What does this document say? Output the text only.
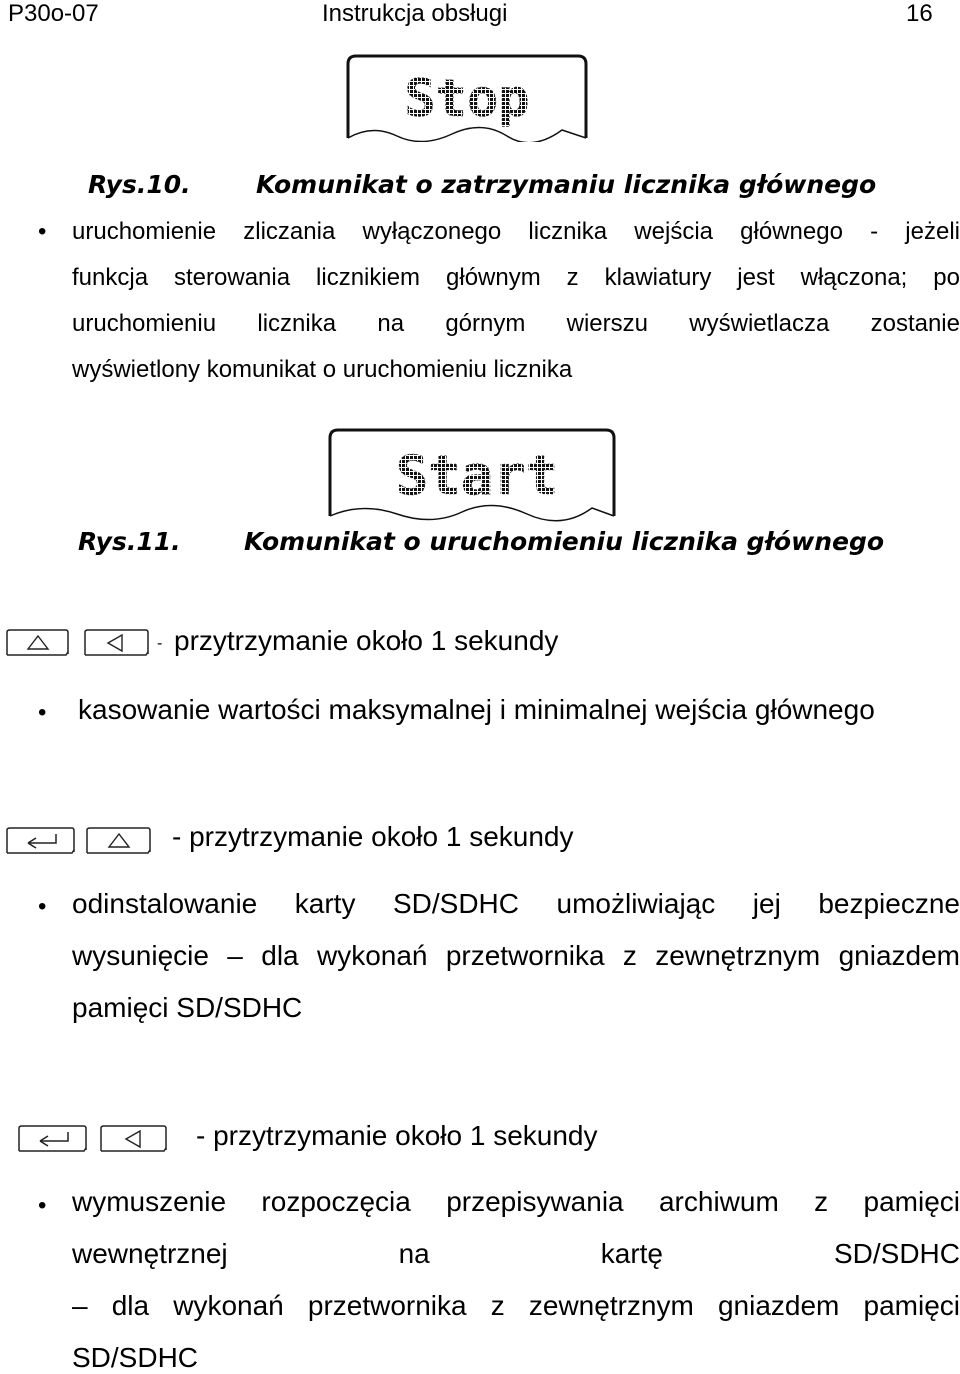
P30o-07	Instrukcja obsługi	16
Stop
Rys.10.	Komunikat o zatrzymaniu licznika głównego
• uruchomienie zliczania wyłączonego licznika wejścia głównego - jeżeli
funkcja sterowania licznikiem głównym z klawiatury jest włączona; po
uruchomieniu licznika na górnym wierszu wyświetlacza zostanie
wyświetlony komunikat o uruchomieniu licznika
Start
Rys.11.	Komunikat o uruchomieniu licznika głównego
- przytrzymanie około 1 sekundy
• kasowanie wartości maksymalnej i minimalnej wejścia głównego
- przytrzymanie około 1 sekundy
• odinstalowanie karty SD/SDHC umożliwiając jej bezpieczne
wysunięcie – dla wykonań przetwornika z zewnętrznym gniazdem
pamięci SD/SDHC
- przytrzymanie około 1 sekundy
• wymuszenie rozpoczęcia przepisywania archiwum z pamięci
wewnętrznej na kartę SD/SDHC
– dla wykonań przetwornika z zewnętrznym gniazdem pamięci
SD/SDHC
